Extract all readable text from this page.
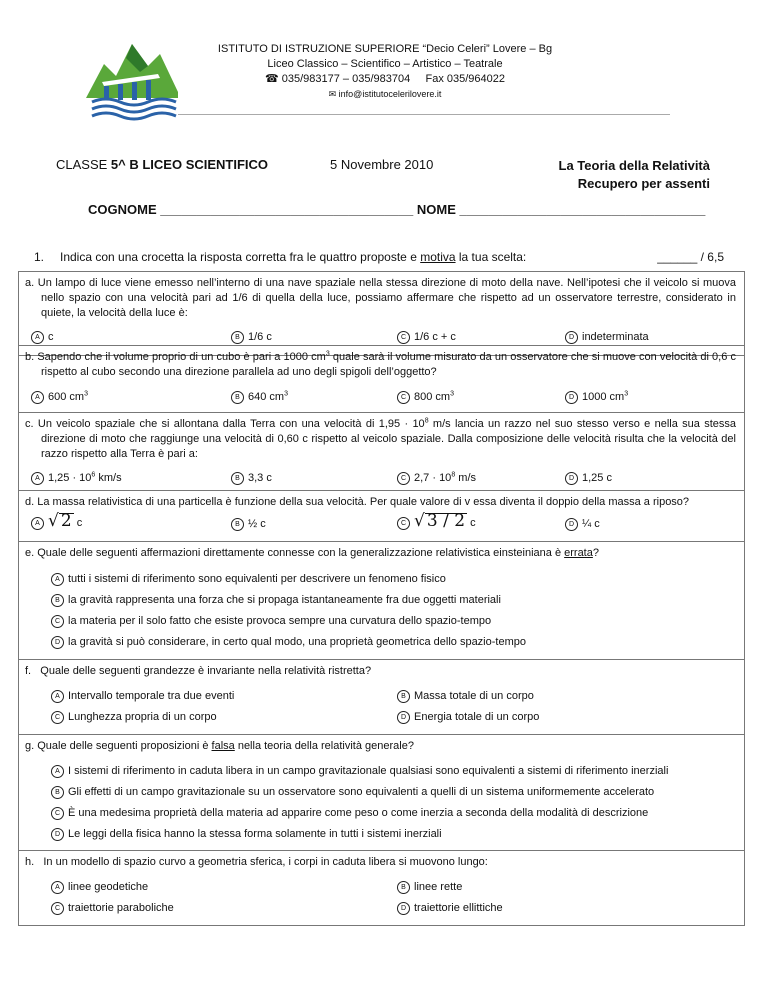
ISTITUTO DI ISTRUZIONE SUPERIORE “Decio Celeri” Lovere – Bg
Liceo Classico – Scientifico – Artistico – Teatrale
☎ 035/983177 – 035/983704     Fax 035/964022
✉ info@istitutocelerilovere.it
CLASSE 5^ B LICEO SCIENTIFICO	5 Novembre 2010	La Teoria della Relatività
Recupero per assenti
COGNOME ___________________________________ NOME __________________________________
1. Indica con una crocetta la risposta corretta fra le quattro proposte e motiva la tua scelta:	______ / 6,5
a. Un lampo di luce viene emesso nell’interno di una nave spaziale nella stessa direzione di moto della nave. Nell’ipotesi che il veicolo si muova nello spazio con una velocità pari ad 1/6 di quella della luce, possiamo affermare che rispetto ad un osservatore terrestre, considerato in quiete, la velocità della luce è:
A c	B 1/6 c	C 1/6 c + c	D indeterminata
b. Sapendo che il volume proprio di un cubo è pari a 1000 $cm^3$ quale sarà il volume misurato da un osservatore che si muove con velocità di 0,6 c rispetto al cubo secondo una direzione parallela ad uno degli spigoli dell’oggetto?
A 600 $cm^3$	B 640 $cm^3$	C 800 $cm^3$	D 1000 $cm^3$
c. Un veicolo spaziale che si allontana dalla Terra con una velocità di $1,95 \cdot 10^8$ m/s lancia un razzo nel suo stesso verso e nella sua stessa direzione di moto che raggiunge una velocità di 0,60 c rispetto al veicolo spaziale. Dalla composizione delle velocità risulta che la velocità del razzo rispetto alla Terra è pari a:
A $1,25 \cdot 10^6$ km/s	B 3,3 c	C $2,7 \cdot 10^8$ m/s	D 1,25 c
d. La massa relativistica di una particella è funzione della sua velocità. Per quale valore di v essa diventa il doppio della massa a riposo?
A √ 2 c	B ½ c	C √ 3 / 2 c	D ¼ c
e. Quale delle seguenti affermazioni direttamente connesse con la generalizzazione relativistica einsteiniana è errata?
A tutti i sistemi di riferimento sono equivalenti per descrivere un fenomeno fisico
B la gravità rappresenta una forza che si propaga istantaneamente fra due oggetti materiali
C la materia per il solo fatto che esiste provoca sempre una curvatura dello spazio-tempo
D la gravità si può considerare, in certo qual modo, una proprietà geometrica dello spazio-tempo
f.   Quale delle seguenti grandezze è invariante nella relatività ristretta?
A Intervallo temporale tra due eventi	B Massa totale di un corpo
C Lunghezza propria di un corpo	D Energia totale di un corpo
g. Quale delle seguenti proposizioni è falsa nella teoria della relatività generale?
A I sistemi di riferimento in caduta libera in un campo gravitazionale qualsiasi sono equivalenti a sistemi di riferimento inerziali
B Gli effetti di un campo gravitazionale su un osservatore sono equivalenti a quelli di un sistema uniformemente accelerato
C È una medesima proprietà della materia ad apparire come peso o come inerzia a seconda della modalità di descrizione
D Le leggi della fisica hanno la stessa forma solamente in tutti i sistemi inerziali
h.   In un modello di spazio curvo a geometria sferica, i corpi in caduta libera si muovono lungo:
A linee geodetiche	B linee rette
C traiettorie paraboliche	D traiettorie ellittiche
